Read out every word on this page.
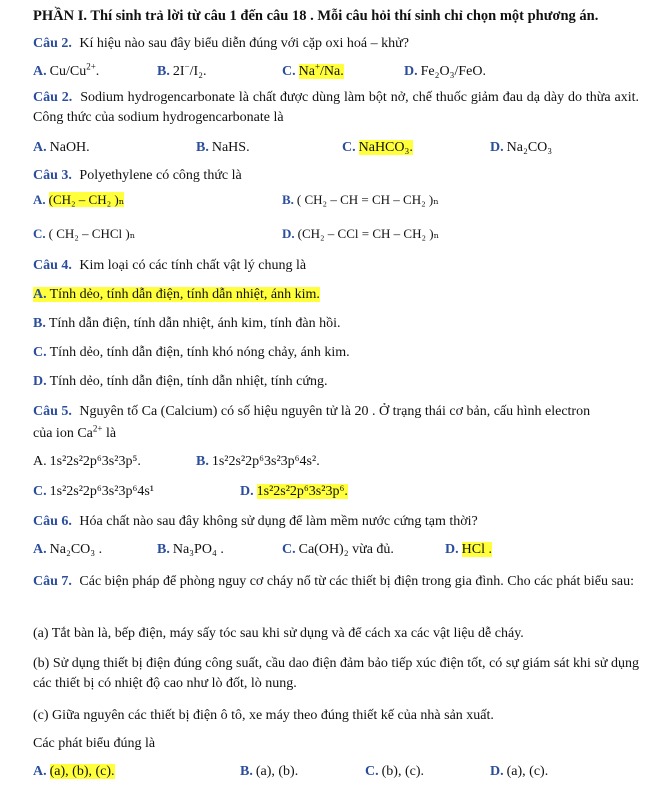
PHẦN I. Thí sinh trả lời từ câu 1 đến câu 18 . Mỗi câu hỏi thí sinh chỉ chọn một phương án.
Câu 2. Kí hiệu nào sau đây biểu diễn đúng với cặp oxi hoá – khử?
A. $Cu/Cu^{2+}$.	B. 2I−/I₂.	C. Na+/Na.	D. Fe₂O₃/FeO.
Câu 2. Sodium hydrogencarbonate là chất được dùng làm bột nở, chế thuốc giảm đau dạ dày do thừa axit. Công thức của sodium hydrogencarbonate là
A. NaOH.	B. NaHS.	C. NaHCO₃.	D. Na₂CO₃
Câu 3. Polyethylene có công thức là
A. (CH₂ – CH₂ )ₙ	B. ( CH₂ – CH = CH – CH₂ )ₙ
C. ( CH₂ – CHCl )ₙ	D. (CH₂ – CCl = CH – CH₂ )ₙ
Câu 4. Kim loại có các tính chất vật lý chung là
A. Tính dẻo, tính dẫn điện, tính dẫn nhiệt, ánh kim.
B. Tính dẫn điện, tính dẫn nhiệt, ánh kim, tính đàn hồi.
C. Tính dẻo, tính dẫn điện, tính khó nóng chảy, ánh kim.
D. Tính dẻo, tính dẫn điện, tính dẫn nhiệt, tính cứng.
Câu 5. Nguyên tố Ca (Calcium) có số hiệu nguyên tử là 20 . Ở trạng thái cơ bản, cấu hình electron
của ion $Ca^{2+}$ là
A. 1s²2s²2p⁶3s²3p⁵.	B. 1s²2s²2p⁶3s²3p⁶4s².
C. 1s²2s²2p⁶3s²3p⁶4s¹	D. 1s²2s²2p⁶3s²3p⁶.
Câu 6. Hóa chất nào sau đây không sử dụng để làm mềm nước cứng tạm thời?
A. Na₂CO₃ .	B. Na₃PO₄ .	C. Ca(OH)₂ vừa đủ.	D. HCl .
Câu 7. Các biện pháp để phòng nguy cơ cháy nổ từ các thiết bị điện trong gia đình. Cho các phát biểu sau:
(a) Tắt bàn là, bếp điện, máy sấy tóc sau khi sử dụng và để cách xa các vật liệu dễ cháy.
(b) Sử dụng thiết bị điện đúng công suất, cầu dao điện đảm bảo tiếp xúc điện tốt, có sự giám sát khi sử dụng các thiết bị có nhiệt độ cao như lò đốt, lò nung.
(c) Giữa nguyên các thiết bị điện ô tô, xe máy theo đúng thiết kế của nhà sản xuất.
Các phát biểu đúng là
A. (a), (b), (c).	B. (a), (b).	C. (b), (c).	D. (a), (c).
